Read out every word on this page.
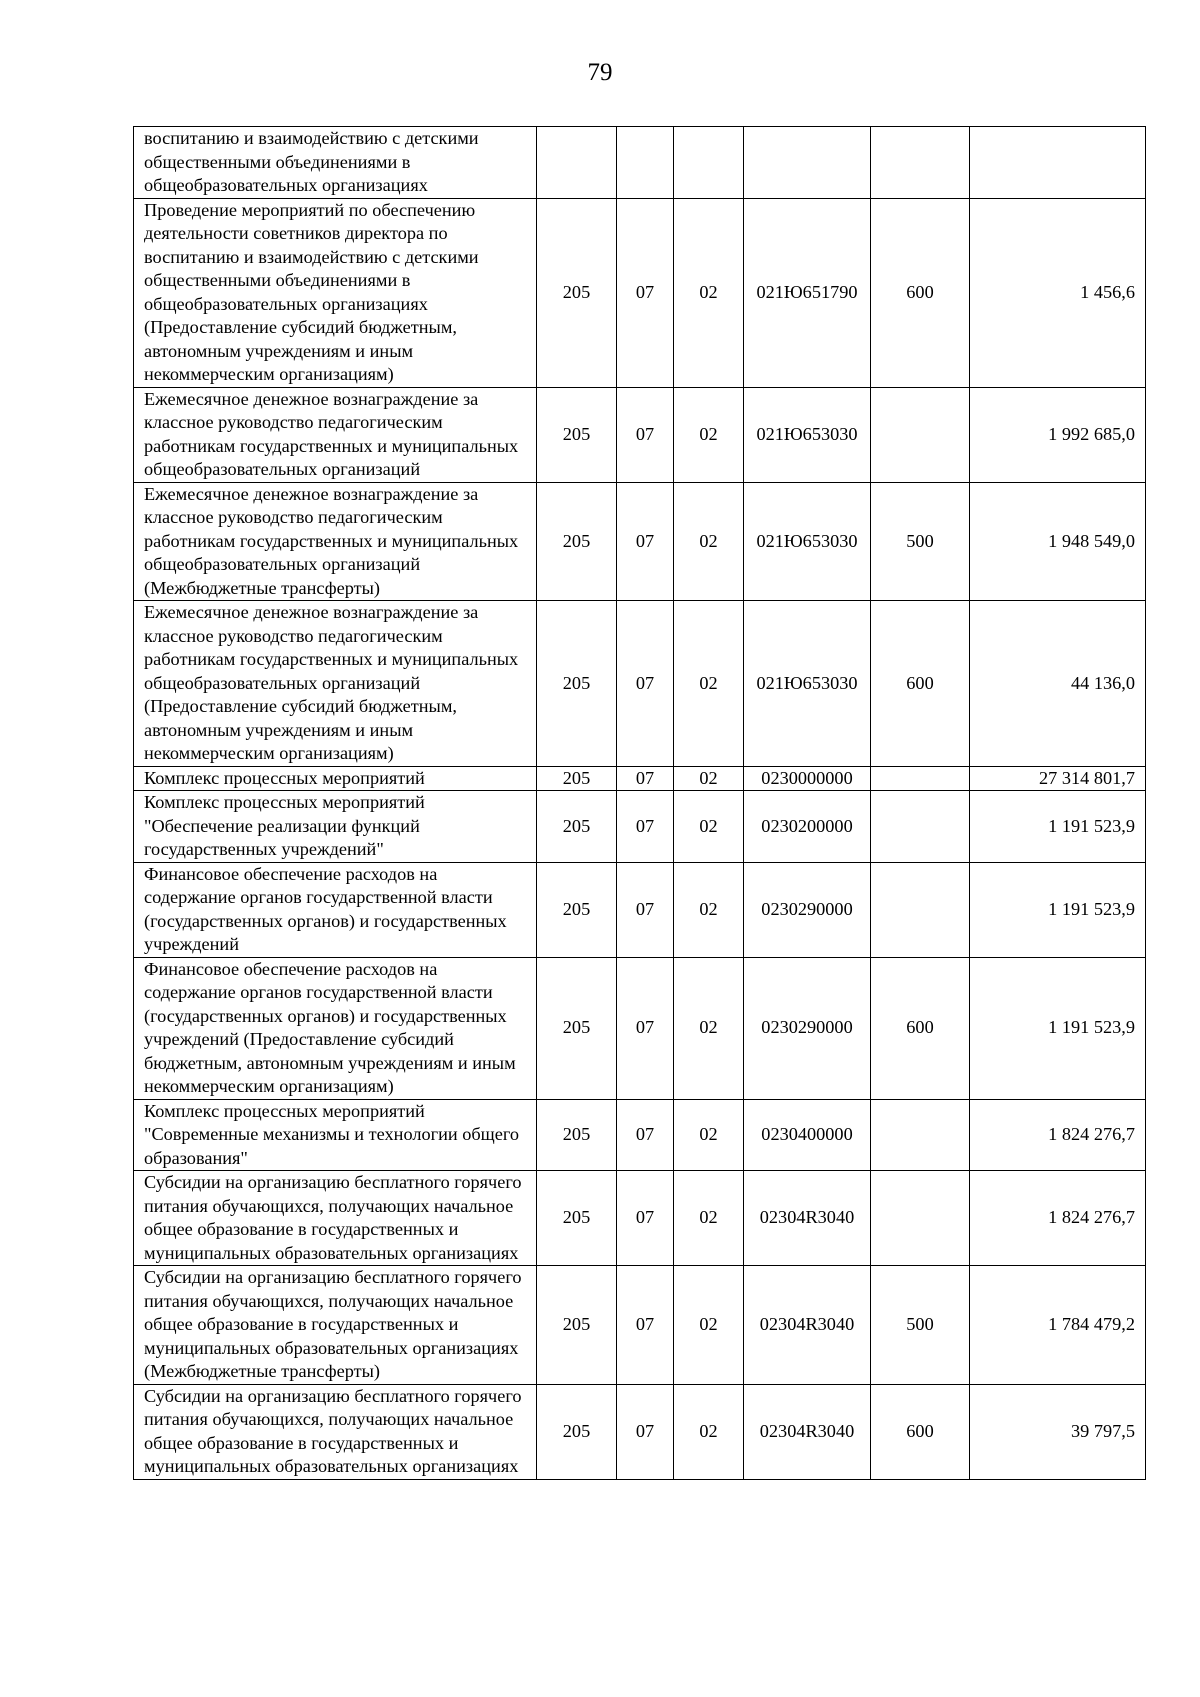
79
воспитанию и взаимодействию с детскими общественными объединениями в общеобразовательных организациях						
Проведение мероприятий по обеспечению деятельности советников директора по воспитанию и взаимодействию с детскими общественными объединениями в общеобразовательных организациях (Предоставление субсидий бюджетным, автономным учреждениям и иным некоммерческим организациям)	205	07	02	021Ю651790	600	1 456,6
Ежемесячное денежное вознаграждение за классное руководство педагогическим работникам государственных и муниципальных общеобразовательных организаций	205	07	02	021Ю653030		1 992 685,0
Ежемесячное денежное вознаграждение за классное руководство педагогическим работникам государственных и муниципальных общеобразовательных организаций (Межбюджетные трансферты)	205	07	02	021Ю653030	500	1 948 549,0
Ежемесячное денежное вознаграждение за классное руководство педагогическим работникам государственных и муниципальных общеобразовательных организаций (Предоставление субсидий бюджетным, автономным учреждениям и иным некоммерческим организациям)	205	07	02	021Ю653030	600	44 136,0
Комплекс процессных мероприятий	205	07	02	0230000000		27 314 801,7
Комплекс процессных мероприятий "Обеспечение реализации функций государственных учреждений"	205	07	02	0230200000		1 191 523,9
Финансовое обеспечение расходов на содержание органов государственной власти (государственных органов) и государственных учреждений	205	07	02	0230290000		1 191 523,9
Финансовое обеспечение расходов на содержание органов государственной власти (государственных органов) и государственных учреждений (Предоставление субсидий бюджетным, автономным учреждениям и иным некоммерческим организациям)	205	07	02	0230290000	600	1 191 523,9
Комплекс процессных мероприятий "Современные механизмы и технологии общего образования"	205	07	02	0230400000		1 824 276,7
Субсидии на организацию бесплатного горячего питания обучающихся, получающих начальное общее образование в государственных и муниципальных образовательных организациях	205	07	02	02304R3040		1 824 276,7
Субсидии на организацию бесплатного горячего питания обучающихся, получающих начальное общее образование в государственных и муниципальных образовательных организациях (Межбюджетные трансферты)	205	07	02	02304R3040	500	1 784 479,2
Субсидии на организацию бесплатного горячего питания обучающихся, получающих начальное общее образование в государственных и муниципальных образовательных организациях	205	07	02	02304R3040	600	39 797,5
